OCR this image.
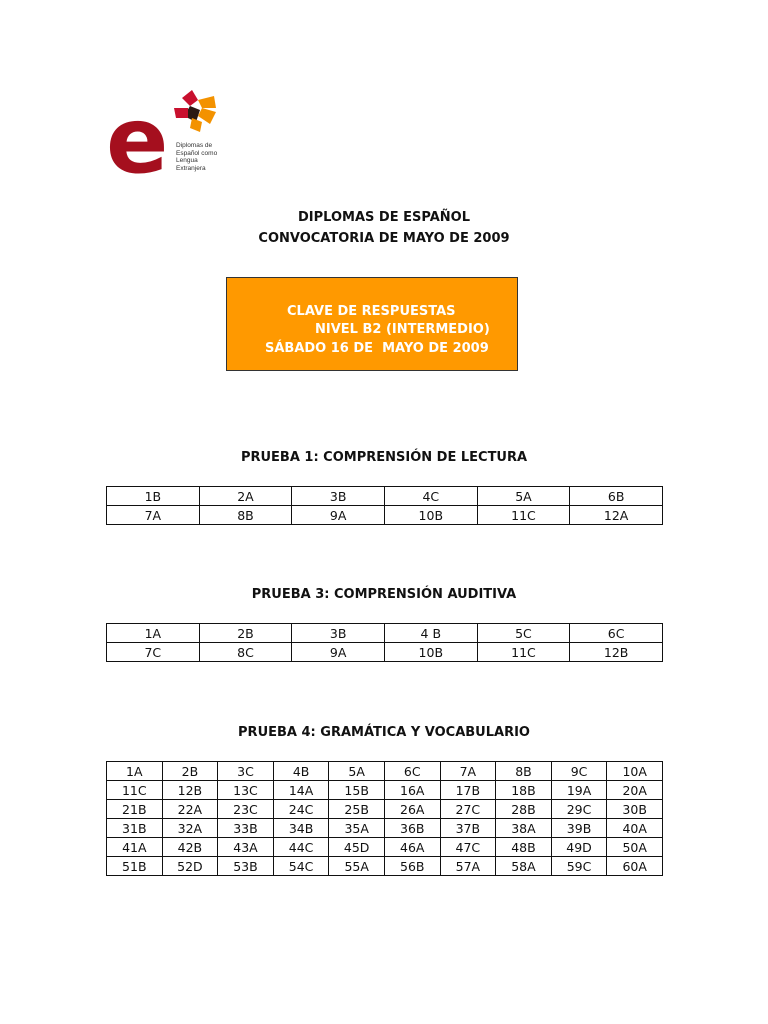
e Diplomas de
Español como
Lengua
Extranjera
DIPLOMAS DE ESPAÑOL
CONVOCATORIA DE MAYO DE 2009
CLAVE DE RESPUESTAS
NIVEL B2 (INTERMEDIO)
SÁBADO 16 DE  MAYO DE 2009
PRUEBA 1: COMPRENSIÓN DE LECTURA
1B	2A	3B	4C	5A	6B
7A	8B	9A	10B	11C	12A
PRUEBA 3: COMPRENSIÓN AUDITIVA
1A	2B	3B	4 B	5C	6C
7C	8C	9A	10B	11C	12B
PRUEBA 4: GRAMÁTICA Y VOCABULARIO
1A	2B	3C	4B	5A	6C	7A	8B	9C	10A
11C	12B	13C	14A	15B	16A	17B	18B	19A	20A
21B	22A	23C	24C	25B	26A	27C	28B	29C	30B
31B	32A	33B	34B	35A	36B	37B	38A	39B	40A
41A	42B	43A	44C	45D	46A	47C	48B	49D	50A
51B	52D	53B	54C	55A	56B	57A	58A	59C	60A
